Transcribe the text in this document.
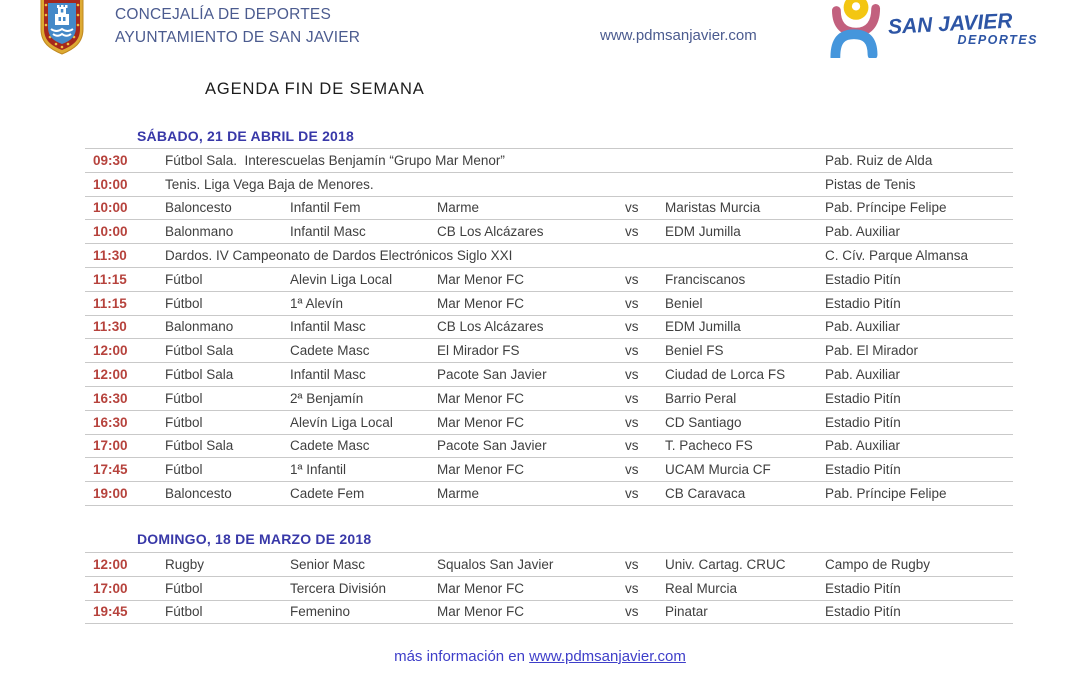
CONCEJALÍA DE DEPORTES
AYUNTAMIENTO DE SAN JAVIER	www.pdmsanjavier.com	SAN JAVIER
DEPORTES
AGENDA FIN DE SEMANA
SÁBADO, 21 DE ABRIL DE 2018
09:30	Fútbol Sala.  Interescuelas Benjamín “Grupo Mar Menor”	Pab. Ruiz de Alda
10:00	Tenis. Liga Vega Baja de Menores.	Pistas de Tenis
10:00	Baloncesto	Infantil Fem	Marme	vs	Maristas Murcia	Pab. Príncipe Felipe
10:00	Balonmano	Infantil Masc	CB Los Alcázares	vs	EDM Jumilla	Pab. Auxiliar
11:30	Dardos. IV Campeonato de Dardos Electrónicos Siglo XXI	C. Cív. Parque Almansa
11:15	Fútbol	Alevin Liga Local	Mar Menor FC	vs	Franciscanos	Estadio Pitín
11:15	Fútbol	1ª Alevín	Mar Menor FC	vs	Beniel	Estadio Pitín
11:30	Balonmano	Infantil Masc	CB Los Alcázares	vs	EDM Jumilla	Pab. Auxiliar
12:00	Fútbol Sala	Cadete Masc	El Mirador FS	vs	Beniel FS	Pab. El Mirador
12:00	Fútbol Sala	Infantil Masc	Pacote San Javier	vs	Ciudad de Lorca FS	Pab. Auxiliar
16:30	Fútbol	2ª Benjamín	Mar Menor FC	vs	Barrio Peral	Estadio Pitín
16:30	Fútbol	Alevín Liga Local	Mar Menor FC	vs	CD Santiago	Estadio Pitín
17:00	Fútbol Sala	Cadete Masc	Pacote San Javier	vs	T. Pacheco FS	Pab. Auxiliar
17:45	Fútbol	1ª Infantil	Mar Menor FC	vs	UCAM Murcia CF	Estadio Pitín
19:00	Baloncesto	Cadete Fem	Marme	vs	CB Caravaca	Pab. Príncipe Felipe
DOMINGO, 18 DE MARZO DE 2018
12:00	Rugby	Senior Masc	Squalos San Javier	vs	Univ. Cartag. CRUC	Campo de Rugby
17:00	Fútbol	Tercera División	Mar Menor FC	vs	Real Murcia	Estadio Pitín
19:45	Fútbol	Femenino	Mar Menor FC	vs	Pinatar	Estadio Pitín
más información en www.pdmsanjavier.com
